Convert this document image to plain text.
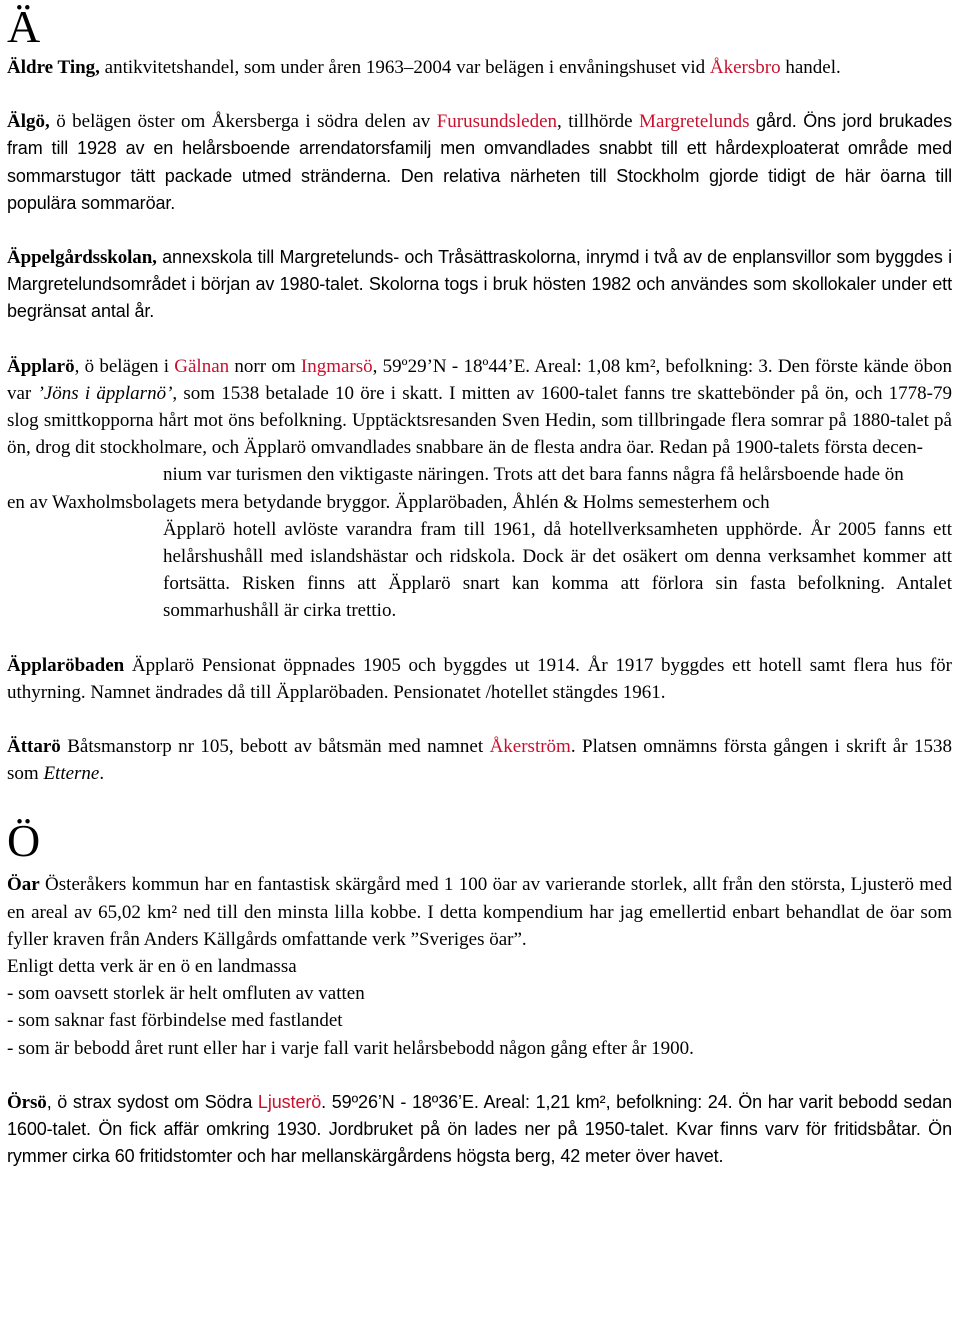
Ä

Äldre Ting, antikvitetshandel, som under åren 1963–2004 var belägen i envåningshuset vid Åkersbro handel.

Älgö, ö belägen öster om Åkersberga i södra delen av Furusundsleden, tillhörde Margretelunds gård. Öns jord brukades fram till 1928 av en helårsboende arrendatorsfamilj men omvandlades snabbt till ett hårdexploaterat område med sommarstugor tätt packade utmed stränderna. Den relativa närheten till Stockholm gjorde tidigt de här öarna till populära sommaröar.

Äppelgårdsskolan, annexskola till Margretelunds- och Tråsättraskolorna, inrymd i två av de enplansvillor som byggdes i Margretelundsområdet i början av 1980-talet. Skolorna togs i bruk hösten 1982 och användes som skollokaler under ett begränsat antal år.

Äpplarö, ö belägen i Gälnan norr om Ingmarsö, 59º29’N - 18º44’E. Areal: 1,08 km², befolkning: 3. Den förste kände öbon var ’Jöns i äpplarnö’, som 1538 betalade 10 öre i skatt. I mitten av 1600-talet fanns tre skattebönder på ön, och 1778-79 slog smittkopporna hårt mot öns befolkning. Upptäcktsresanden Sven Hedin, som tillbringade flera somrar på 1880-talet på ön, drog dit stockholmare, och Äpplarö omvandlades snabbare än de flesta andra öar. Redan på 1900-talets första decen-

nium var turismen den viktigaste näringen. Trots att det bara fanns några få helårsboende hade ön

en av Waxholmsbolagets mera betydande bryggor. Äpplaröbaden, Åhlén & Holms semesterhem och

Äpplarö hotell avlöste varandra fram till 1961, då hotellverksamheten upphörde. År 2005 fanns ett helårshushåll med islandshästar och ridskola. Dock är det osäkert om denna verksamhet kommer att fortsätta. Risken finns att Äpplarö snart kan komma att förlora sin fasta befolkning. Antalet sommarhushåll är cirka trettio.

Äpplaröbaden Äpplarö Pensionat öppnades 1905 och byggdes ut 1914. År 1917 byggdes ett hotell samt flera hus för uthyrning. Namnet ändrades då till Äpplaröbaden. Pensionatet /hotellet stängdes 1961.

Ättarö Båtsmanstorp nr 105, bebott av båtsmän med namnet Åkerström. Platsen omnämns första gången i skrift år 1538 som Etterne.

Ö

Öar Österåkers kommun har en fantastisk skärgård med 1 100 öar av varierande storlek, allt från den största, Ljusterö med en areal av 65,02 km² ned till den minsta lilla kobbe. I detta kompendium har jag emellertid enbart behandlat de öar som fyller kraven från Anders Källgårds omfattande verk ”Sveriges öar”.

Enligt detta verk är en ö en landmassa

- som oavsett storlek är helt omfluten av vatten
- som saknar fast förbindelse med fastlandet
- som är bebodd året runt eller har i varje fall varit helårsbebodd någon gång efter år 1900.

Örsö, ö strax sydost om Södra Ljusterö. 59º26’N - 18º36’E. Areal: 1,21 km², befolkning: 24. Ön har varit bebodd sedan 1600-talet. Ön fick affär omkring 1930. Jordbruket på ön lades ner på 1950-talet. Kvar finns varv för fritidsbåtar. Ön rymmer cirka 60 fritidstomter och har mellanskärgårdens högsta berg, 42 meter över havet.
